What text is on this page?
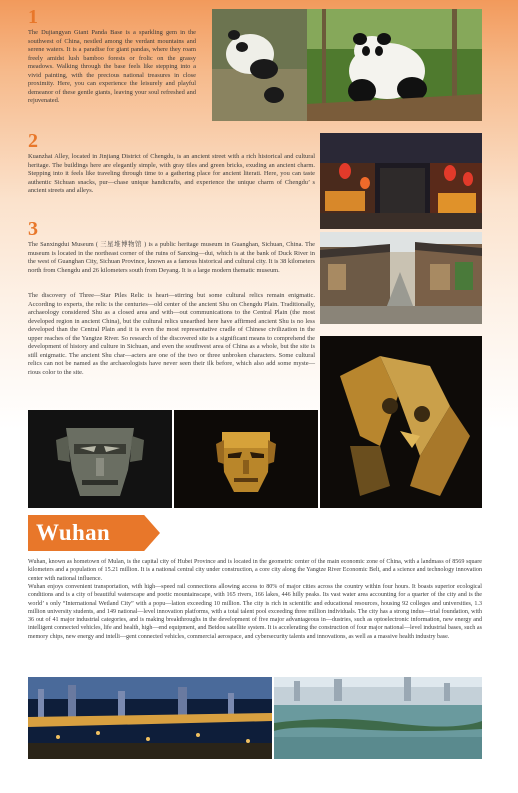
1
The Dujiangyan Giant Panda Base is a sparkling gem in the southwest of China, nestled among the verdant mountains and serene waters. It is a paradise for giant pandas, where they roam freely amidst lush bamboo forests or frolic on the grassy meadows. Walking through the base feels like stepping into a vivid painting, with the precious national treasures in close proximity. Here, you can experience the leisurely and playful demeanor of these gentle giants, leaving your soul refreshed and rejuvenated.
2
Kuanzhai Alley, located in Jinjiang District of Chengdu, is an ancient street with a rich historical and cultural heritage. The buildings here are elegantly simple, with gray tiles and green bricks, exuding an ancient charm. Stepping into it feels like traveling through time to a gathering place for ancient literati. Here, you can taste authentic Sichuan snacks, pur—chase unique handicrafts, and experience the unique charm of Chengdu’ s ancient streets and alleys.
3
The Sanxingdui Museum ( 三星堆博物馆 ) is a public heritage museum in Guanghan, Sichuan, China. The museum is located in the northeast corner of the ruins of Sanxing—dui, which is at the bank of Duck River in the west of Guanghan City, Sichuan Province, known as a famous historical and cultural city. It is 38 kilometers north from Chengdu and 26 kilometers south from Deyang. It is a large modern thematic museum.
The discovery of Three—Star Piles Relic is heart—stirring but some cultural relics remain enigmatic. According to experts, the relic is the centuries—old center of the ancient Shu on Chengdu Plain. Traditionally, archaeology considered Shu as a closed area and with—out communications to the Central Plain (the most developed region in ancient China), but the cultural relics unearthed here have affirmed ancient Shu is no less developed than the Central Plain and it is even the most representative cradle of Chinese civilization in the upper reaches of the Yangtze River. So research of the discovered site is a significant means to comprehend the development of history and culture in Sichuan, and even the southwest area of China as a whole, but the site is still enigmatic. The ancient Shu char—acters are one of the two or three unbroken characters. Some cultural relics can not be named as the archaeologists have never seen their ilk before, which also add some myste—rious color to the site.
Wuhan
Wuhan, known as hometown of Mulan, is the capital city of Hubei Province and is located in the geometric center of the main economic zone of China, with a landmass of 8569 square kilometers and a population of 15.21 million. It is a national central city under construction, a core city along the Yangtze River Economic Belt, and a science and technology innovation center with national influence.
Wuhan enjoys convenient transportation, with high—speed rail connections allowing access to 80% of major cities across the country within four hours. It boasts superior ecological conditions and is a city of beautiful waterscape and poetic mountainscape, with 165 rivers, 166 lakes, 446 hilly peaks. Its vast water area accounting for a quarter of the city and is the world’ s only “International Wetland City” with a popu—lation exceeding 10 million. The city is rich in scientific and educational resources, housing 92 colleges and universities, 1.3 million university students, and 149 national—level innovation platforms, with a total talent pool exceeding three million individuals. The city has a strong indus—trial foundation, with 36 out of 41 major industrial categories, and is making breakthroughs in the development of five major advantageous in—dustries, such as optoelectronic information, new energy and intelligent connected vehicles, life and health, high—end equipment, and Beidou satellite system. It is accelerating the construction of four major national—level industrial bases, such as memory chips, new energy and intelli—gent connected vehicles, commercial aerospace, and cybersecurity talents and innovations, as well as a massive health industry base.
